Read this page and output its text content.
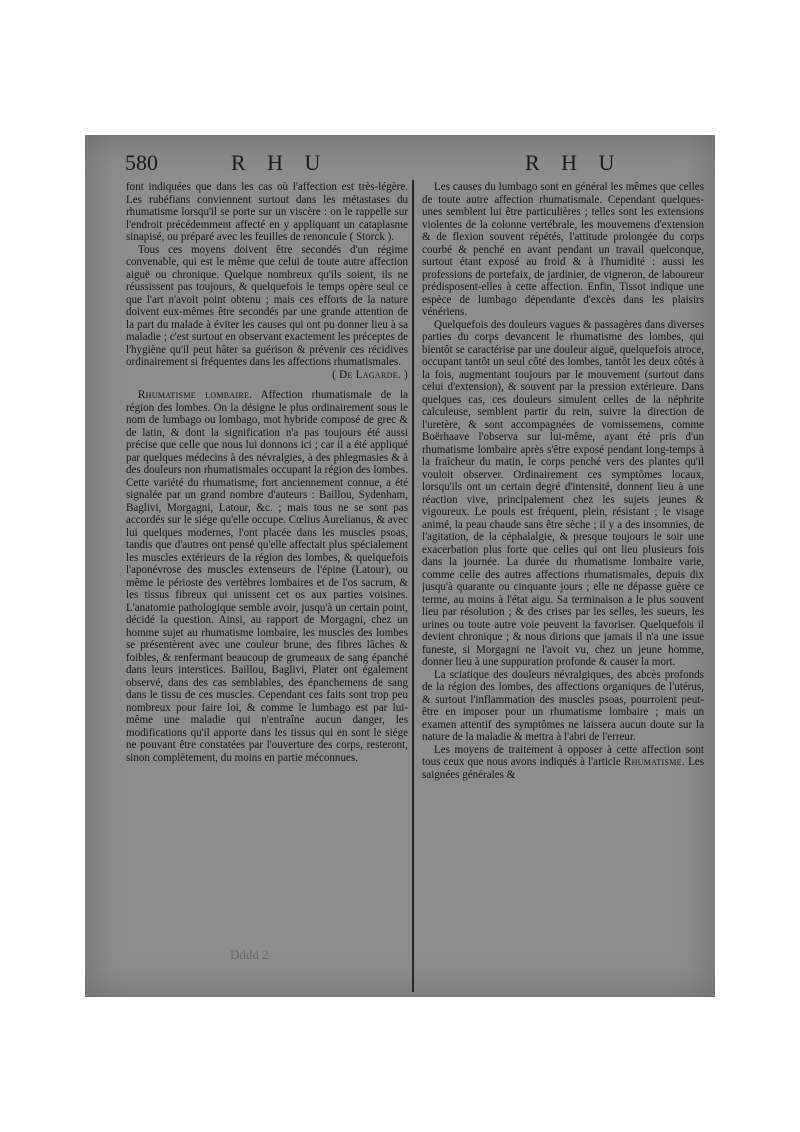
580	R H U	R H U

font indiquées que dans les cas où l'affection est très-légère. Les rubéfians conviennent surtout dans les métastases du rhumatisme lorsqu'il se porte sur un viscère : on le rappelle sur l'endroit précédemment affecté en y appliquant un cataplasme sinapisé, ou préparé avec les feuilles de renoncule ( Storck ).

Tous ces moyens doivent être secondés d'un régime convenable, qui est le même que celui de toute autre affection aiguë ou chronique. Quelque nombreux qu'ils soient, ils ne réussissent pas toujours, & quelquefois le temps opère seul ce que l'art n'avoit point obtenu ; mais ces efforts de la nature doivent eux-mêmes être secondés par une grande attention de la part du malade à éviter les causes qui ont pu donner lieu à sa maladie ; c'est surtout en observant exactement les préceptes de l'hygiène qu'il peut hâter sa guérison & prévenir ces récidives ordinairement si fréquentes dans les affections rhumatismales.

( De Lagarde. )

Rhumatisme lombaire. Affection rhumatismale de la région des lombes. On la désigne le plus ordinairement sous le nom de lumbago ou lombago, mot hybride composé de grec & de latin, & dont la signification n'a pas toujours été aussi précise que celle que nous lui donnons ici ; car il a été appliqué par quelques médecins à des névralgies, à des phlegmasies & à des douleurs non rhumatismales occupant la région des lombes. Cette variété du rhumatisme, fort anciennement connue, a été signalée par un grand nombre d'auteurs : Baillou, Sydenham, Baglivi, Morgagni, Latour, &c. ; mais tous ne se sont pas accordés sur le siége qu'elle occupe. Cœlius Aurelianus, & avec lui quelques modernes, l'ont placée dans les muscles psoas, tandis que d'autres ont pensé qu'elle affectait plus spécialement les muscles extérieurs de la région des lombes, & quelquefois l'aponévrose des muscles extenseurs de l'épine (Latour), ou même le périoste des vertèbres lombaires et de l'os sacrum, & les tissus fibreux qui unissent cet os aux parties voisines. L'anatomie pathologique semble avoir, jusqu'à un certain point, décidé la question. Ainsi, au rapport de Morgagni, chez un homme sujet au rhumatisme lombaire, les muscles des lombes se présentèrent avec une couleur brune, des fibres lâches & foibles, & renfermant beaucoup de grumeaux de sang épanché dans leurs interstices. Baillou, Baglivi, Plater ont également observé, dans des cas semblables, des épanchemens de sang dans le tissu de ces muscles. Cependant ces faits sont trop peu nombreux pour faire loi, & comme le lumbago est par lui-même une maladie qui n'entraîne aucun danger, les modifications qu'il apporte dans les tissus qui en sont le siége ne pouvant être constatées par l'ouverture des corps, resteront, sinon complètement, du moins en partie méconnues.

Les causes du lumbago sont en général les mêmes que celles de toute autre affection rhumatismale. Cependant quelques-unes semblent lui être particulières ; telles sont les extensions violentes de la colonne vertébrale, les mouvemens d'extension & de flexion souvent répétés, l'attitude prolongée du corps courbé & penché en avant pendant un travail quelconque, surtout étant exposé au froid & à l'humidité : aussi les professions de portefaix, de jardinier, de vigneron, de laboureur prédisposent-elles à cette affection. Enfin, Tissot indique une espèce de lumbago dépendante d'excès dans les plaisirs vénériens.

Quelquefois des douleurs vagues & passagères dans diverses parties du corps devancent le rhumatisme des lombes, qui bientôt se caractérise par une douleur aiguë, quelquefois atroce, occupant tantôt un seul côté des lombes, tantôt les deux côtés à la fois, augmentant toujours par le mouvement (surtout dans celui d'extension), & souvent par la pression extérieure. Dans quelques cas, ces douleurs simulent celles de la néphrite calculeuse, semblent partir du rein, suivre la direction de l'uretère, & sont accompagnées de vomissemens, comme Boërhaave l'observa sur lui-même, ayant été pris d'un rhumatisme lombaire après s'être exposé pendant long-temps à la fraîcheur du matin, le corps penché vers des plantes qu'il vouloit observer. Ordinairement ces symptômes locaux, lorsqu'ils ont un certain degré d'intensité, donnent lieu à une réaction vive, principalement chez les sujets jeunes & vigoureux. Le pouls est fréquent, plein, résistant ; le visage animé, la peau chaude sans être sèche ; il y a des insomnies, de l'agitation, de la céphalalgie, & presque toujours le soir une exacerbation plus forte que celles qui ont lieu plusieurs fois dans la journée. La durée du rhumatisme lombaire varie, comme celle des autres affections rhumatismales, depuis dix jusqu'à quarante ou cinquante jours ; elle ne dépasse guère ce terme, au moins à l'état aigu. Sa terminaison a le plus souvent lieu par résolution ; & des crises par les selles, les sueurs, les urines ou toute autre voie peuvent la favoriser. Quelquefois il devient chronique ; & nous dirions que jamais il n'a une issue funeste, si Morgagni ne l'avoit vu, chez un jeune homme, donner lieu à une suppuration profonde & causer la mort.

La sciatique des douleurs névralgiques, des abcès profonds de la région des lombes, des affections organiques de l'utérus, & surtout l'inflammation des muscles psoas, pourroient peut-être en imposer pour un rhumatisme lombaire ; mais un examen attentif des symptômes ne laissera aucun doute sur la nature de la maladie & mettra à l'abri de l'erreur.

Les moyens de traitement à opposer à cette affection sont tous ceux que nous avons indiqués à l'article Rhumatisme. Les saignées générales &

Dddd 2
